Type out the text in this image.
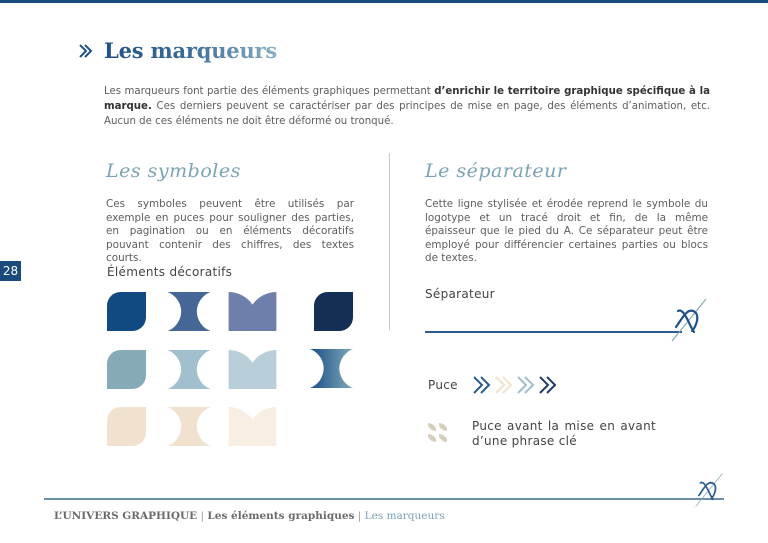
Les marqueurs

Les marqueurs font partie des éléments graphiques permettant d’enrichir le territoire graphique spécifique à la marque. Ces derniers peuvent se caractériser par des principes de mise en page, des éléments d’animation, etc. Aucun de ces éléments ne doit être déformé ou tronqué.

Les symboles

Ces symboles peuvent être utilisés par exemple en puces pour souligner des parties, en pagination ou en éléments décoratifs pouvant contenir des chiffres, des textes courts.

Éléments décoratifs
Le séparateur

Cette ligne stylisée et érodée reprend le symbole du logotype et un tracé droit et fin, de la même épaisseur que le pied du A. Ce séparateur peut être employé pour différencier certaines parties ou blocs de textes.

Séparateur
Puce

Puce avant la mise en avant d’une phrase clé

28
L’UNIVERS GRAPHIQUE | Les éléments graphiques | Les marqueurs
